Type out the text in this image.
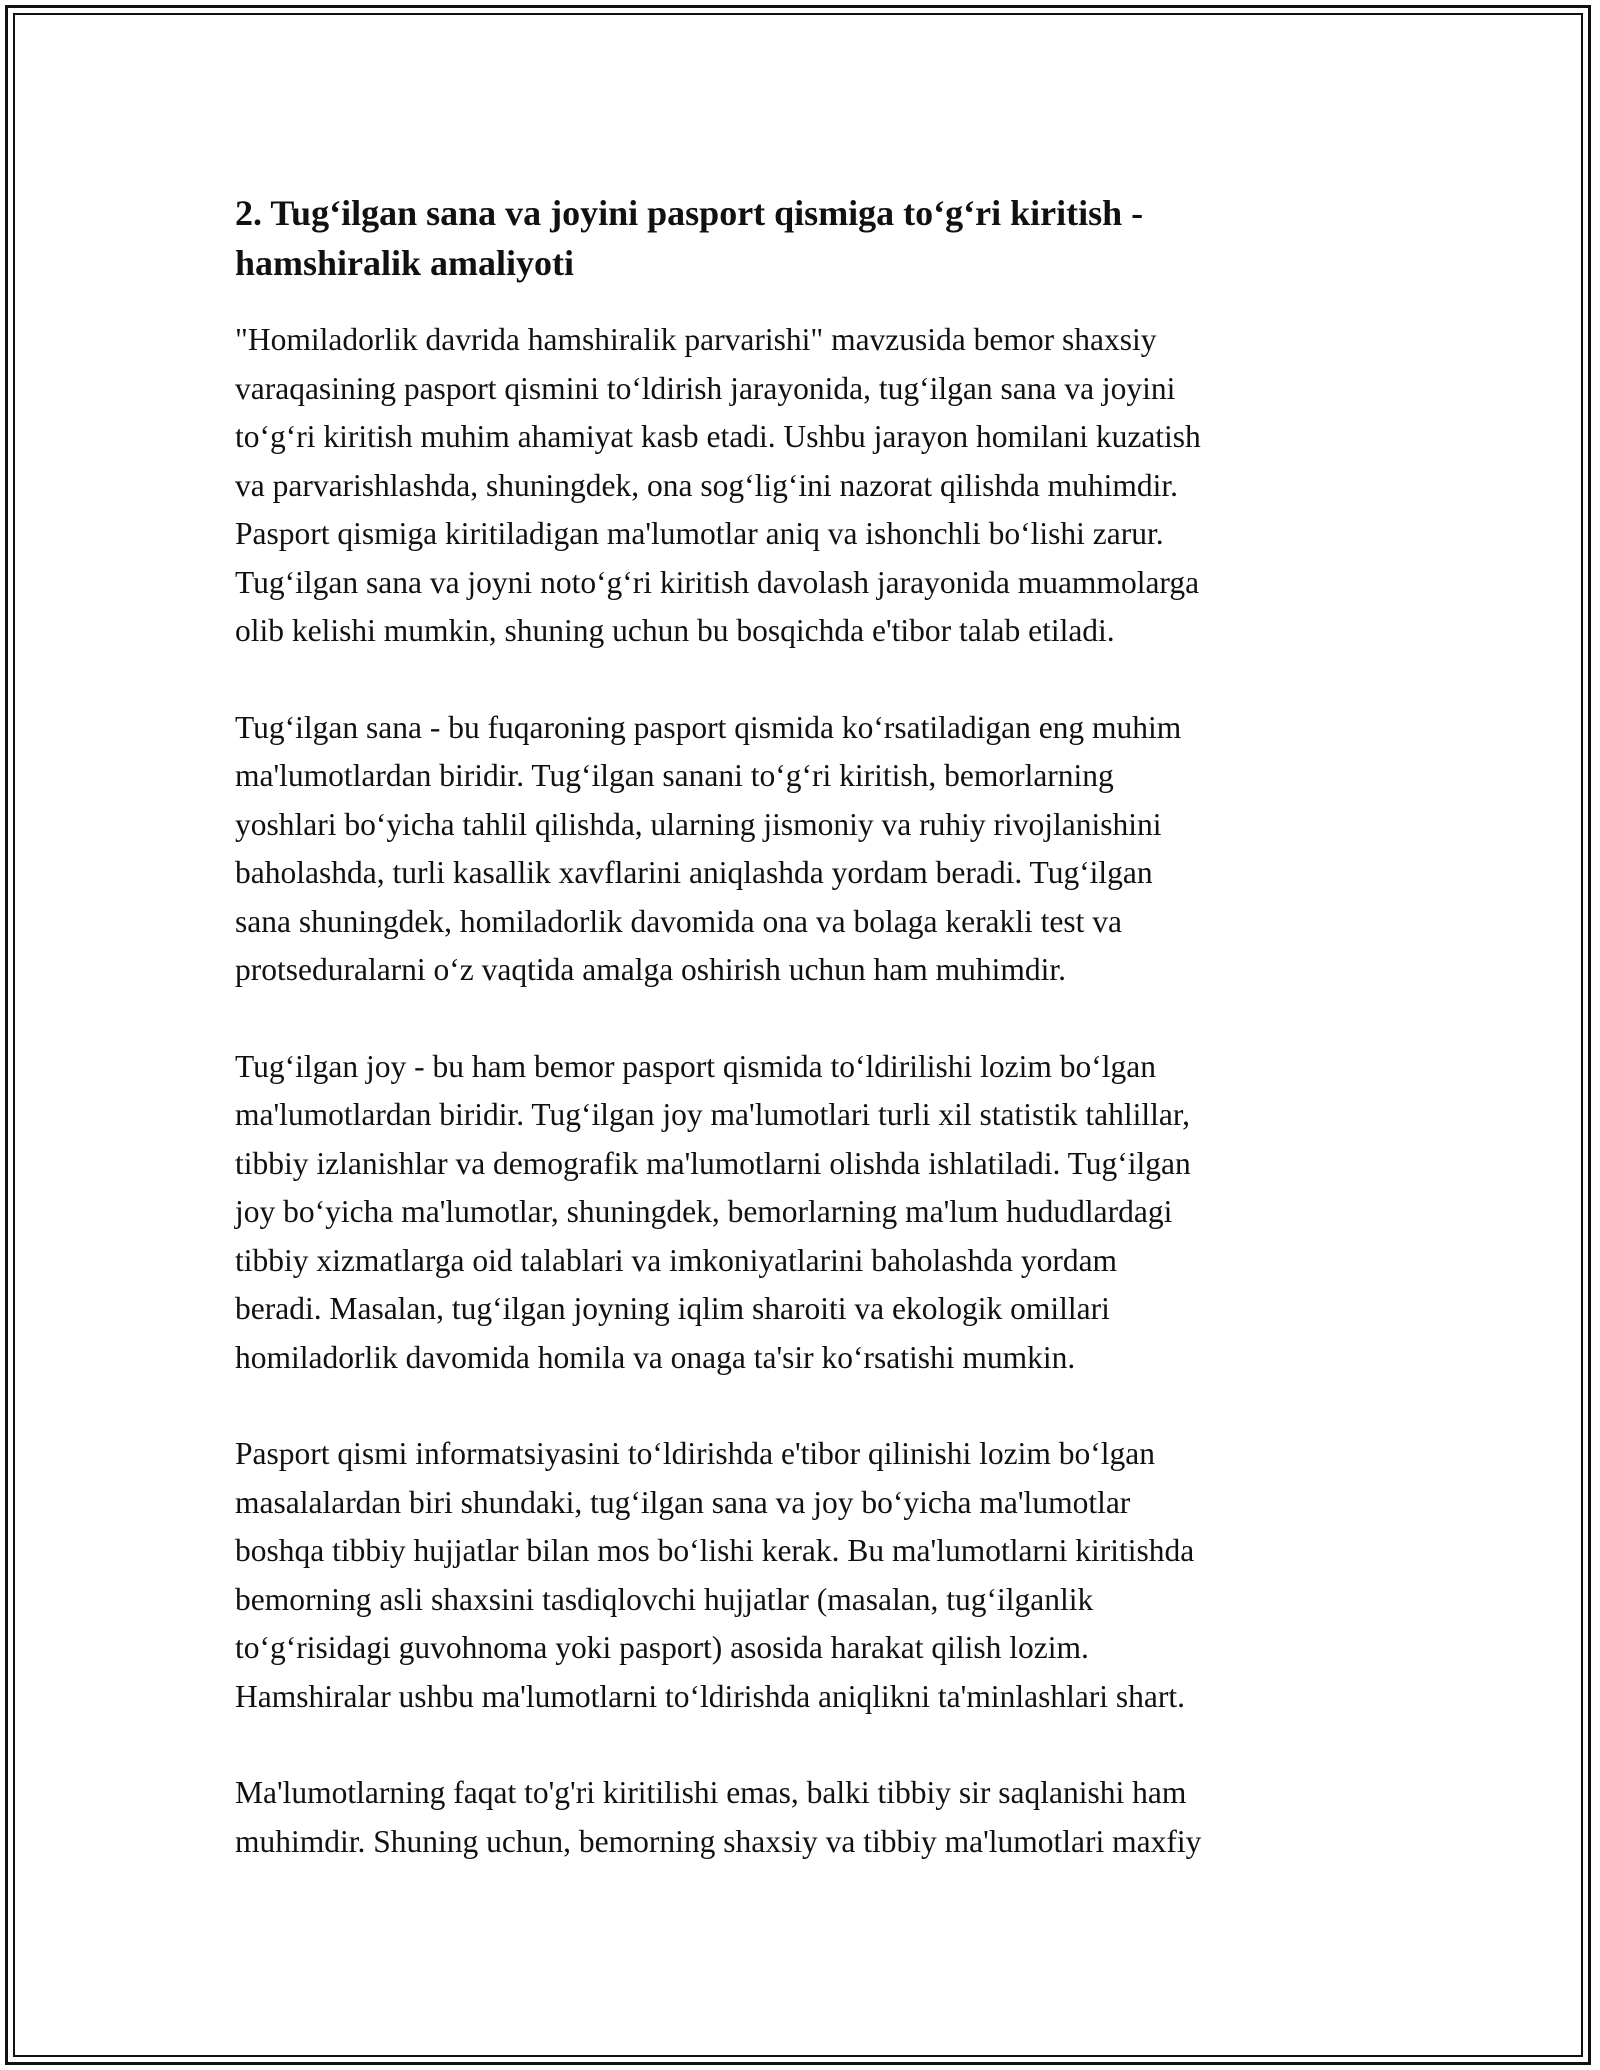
2. Tug‘ilgan sana va joyini pasport qismiga to‘g‘ri kiritish -
hamshiralik amaliyoti

"Homiladorlik davrida hamshiralik parvarishi" mavzusida bemor shaxsiy
varaqasining pasport qismini to‘ldirish jarayonida, tug‘ilgan sana va joyini
to‘g‘ri kiritish muhim ahamiyat kasb etadi. Ushbu jarayon homilani kuzatish
va parvarishlashda, shuningdek, ona sog‘lig‘ini nazorat qilishda muhimdir.
Pasport qismiga kiritiladigan ma'lumotlar aniq va ishonchli bo‘lishi zarur.
Tug‘ilgan sana va joyni noto‘g‘ri kiritish davolash jarayonida muammolarga
olib kelishi mumkin, shuning uchun bu bosqichda e'tibor talab etiladi.

Tug‘ilgan sana - bu fuqaroning pasport qismida ko‘rsatiladigan eng muhim
ma'lumotlardan biridir. Tug‘ilgan sanani to‘g‘ri kiritish, bemorlarning
yoshlari bo‘yicha tahlil qilishda, ularning jismoniy va ruhiy rivojlanishini
baholashda, turli kasallik xavflarini aniqlashda yordam beradi. Tug‘ilgan
sana shuningdek, homiladorlik davomida ona va bolaga kerakli test va
protseduralarni o‘z vaqtida amalga oshirish uchun ham muhimdir.

Tug‘ilgan joy - bu ham bemor pasport qismida to‘ldirilishi lozim bo‘lgan
ma'lumotlardan biridir. Tug‘ilgan joy ma'lumotlari turli xil statistik tahlillar,
tibbiy izlanishlar va demografik ma'lumotlarni olishda ishlatiladi. Tug‘ilgan
joy bo‘yicha ma'lumotlar, shuningdek, bemorlarning ma'lum hududlardagi
tibbiy xizmatlarga oid talablari va imkoniyatlarini baholashda yordam
beradi. Masalan, tug‘ilgan joyning iqlim sharoiti va ekologik omillari
homiladorlik davomida homila va onaga ta'sir ko‘rsatishi mumkin.

Pasport qismi informatsiyasini to‘ldirishda e'tibor qilinishi lozim bo‘lgan
masalalardan biri shundaki, tug‘ilgan sana va joy bo‘yicha ma'lumotlar
boshqa tibbiy hujjatlar bilan mos bo‘lishi kerak. Bu ma'lumotlarni kiritishda
bemorning asli shaxsini tasdiqlovchi hujjatlar (masalan, tug‘ilganlik
to‘g‘risidagi guvohnoma yoki pasport) asosida harakat qilish lozim.
Hamshiralar ushbu ma'lumotlarni to‘ldirishda aniqlikni ta'minlashlari shart.

Ma'lumotlarning faqat to'g'ri kiritilishi emas, balki tibbiy sir saqlanishi ham
muhimdir. Shuning uchun, bemorning shaxsiy va tibbiy ma'lumotlari maxfiy
